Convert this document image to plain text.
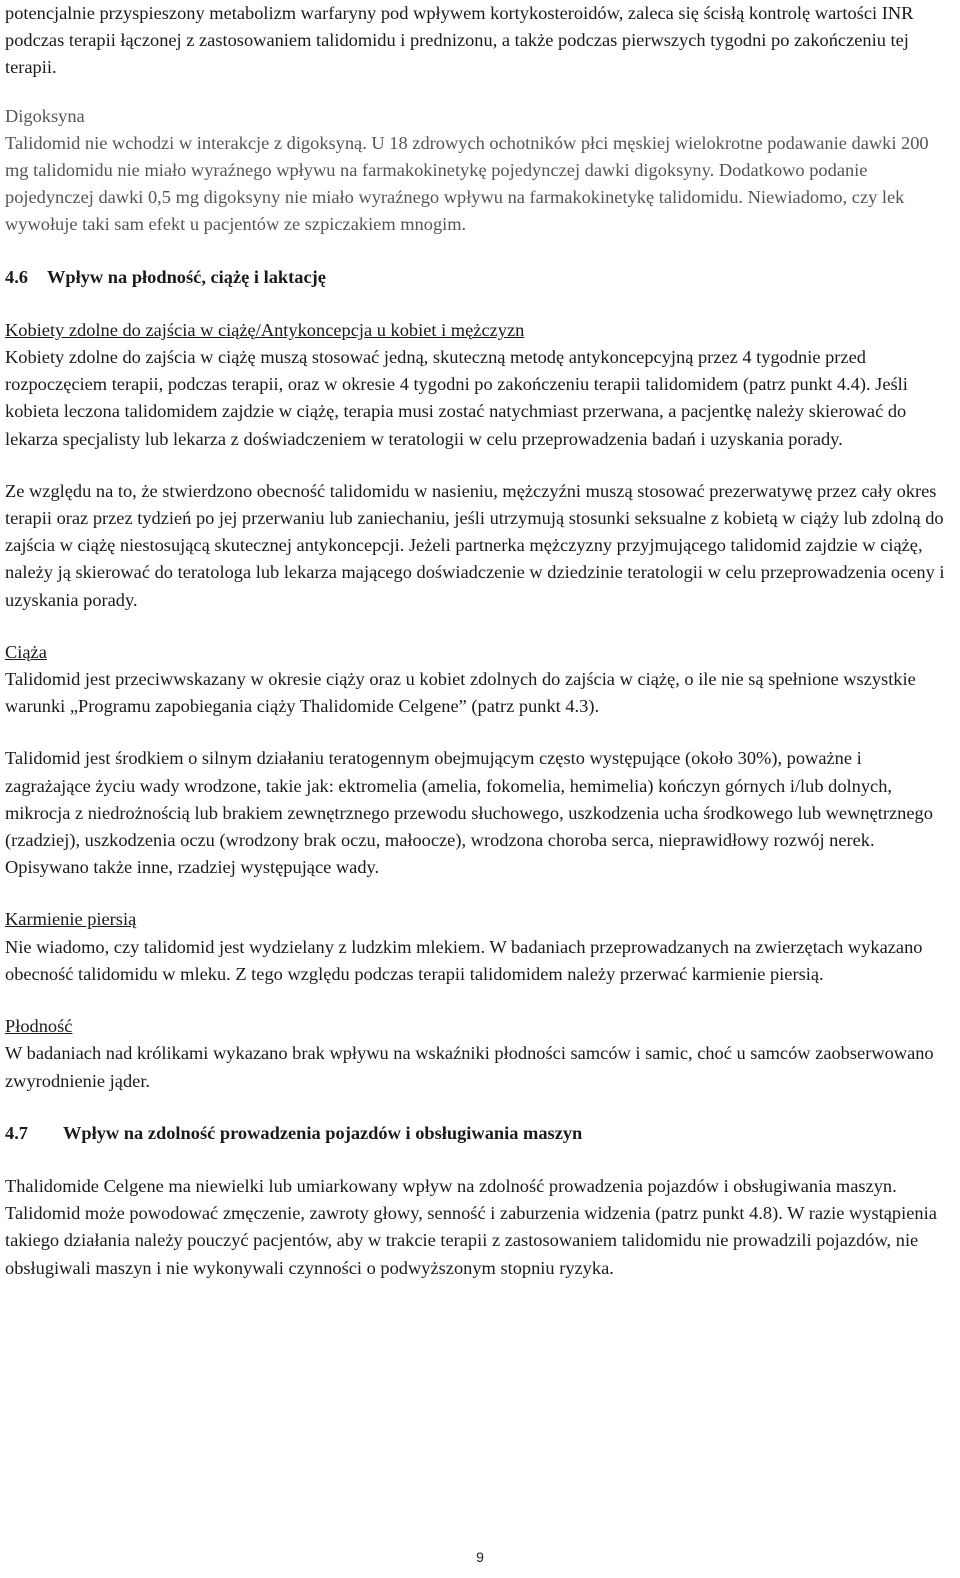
potencjalnie przyspieszony metabolizm warfaryny pod wpływem kortykosteroidów, zaleca się ścisłą kontrolę wartości INR podczas terapii łączonej z zastosowaniem talidomidu i prednizonu, a także podczas pierwszych tygodni po zakończeniu tej terapii.

Digoksyna

Talidomid nie wchodzi w interakcje z digoksyną. U 18 zdrowych ochotników płci męskiej wielokrotne podawanie dawki 200 mg talidomidu nie miało wyraźnego wpływu na farmakokinetykę pojedynczej dawki digoksyny. Dodatkowo podanie pojedynczej dawki 0,5 mg digoksyny nie miało wyraźnego wpływu na farmakokinetykę talidomidu. Niewiadomo, czy lek wywołuje taki sam efekt u pacjentów ze szpiczakiem mnogim.

4.6 Wpływ na płodność, ciążę i laktację

Kobiety zdolne do zajścia w ciążę/Antykoncepcja u kobiet i mężczyzn

Kobiety zdolne do zajścia w ciążę muszą stosować jedną, skuteczną metodę antykoncepcyjną przez 4 tygodnie przed rozpoczęciem terapii, podczas terapii, oraz w okresie 4 tygodni po zakończeniu terapii talidomidem (patrz punkt 4.4). Jeśli kobieta leczona talidomidem zajdzie w ciążę, terapia musi zostać natychmiast przerwana, a pacjentkę należy skierować do lekarza specjalisty lub lekarza z doświadczeniem w teratologii w celu przeprowadzenia badań i uzyskania porady.

Ze względu na to, że stwierdzono obecność talidomidu w nasieniu, mężczyźni muszą stosować prezerwatywę przez cały okres terapii oraz przez tydzień po jej przerwaniu lub zaniechaniu, jeśli utrzymują stosunki seksualne z kobietą w ciąży lub zdolną do zajścia w ciążę niestosującą skutecznej antykoncepcji. Jeżeli partnerka mężczyzny przyjmującego talidomid zajdzie w ciążę, należy ją skierować do teratologa lub lekarza mającego doświadczenie w dziedzinie teratologii w celu przeprowadzenia oceny i uzyskania porady.

Ciąża

Talidomid jest przeciwwskazany w okresie ciąży oraz u kobiet zdolnych do zajścia w ciążę, o ile nie są spełnione wszystkie warunki „Programu zapobiegania ciąży Thalidomide Celgene” (patrz punkt 4.3).

Talidomid jest środkiem o silnym działaniu teratogennym obejmującym często występujące (około 30%), poważne i zagrażające życiu wady wrodzone, takie jak: ektromelia (amelia, fokomelia, hemimelia) kończyn górnych i/lub dolnych, mikrocja z niedrożnością lub brakiem zewnętrznego przewodu słuchowego, uszkodzenia ucha środkowego lub wewnętrznego (rzadziej), uszkodzenia oczu (wrodzony brak oczu, małoocze), wrodzona choroba serca, nieprawidłowy rozwój nerek. Opisywano także inne, rzadziej występujące wady.

Karmienie piersią

Nie wiadomo, czy talidomid jest wydzielany z ludzkim mlekiem. W badaniach przeprowadzanych na zwierzętach wykazano obecność talidomidu w mleku. Z tego względu podczas terapii talidomidem należy przerwać karmienie piersią.

Płodność

W badaniach nad królikami wykazano brak wpływu na wskaźniki płodności samców i samic, choć u samców zaobserwowano zwyrodnienie jąder.

4.7 Wpływ na zdolność prowadzenia pojazdów i obsługiwania maszyn

Thalidomide Celgene ma niewielki lub umiarkowany wpływ na zdolność prowadzenia pojazdów i obsługiwania maszyn. Talidomid może powodować zmęczenie, zawroty głowy, senność i zaburzenia widzenia (patrz punkt 4.8). W razie wystąpienia takiego działania należy pouczyć pacjentów, aby w trakcie terapii z zastosowaniem talidomidu nie prowadzili pojazdów, nie obsługiwali maszyn i nie wykonywali czynności o podwyższonym stopniu ryzyka.

9
